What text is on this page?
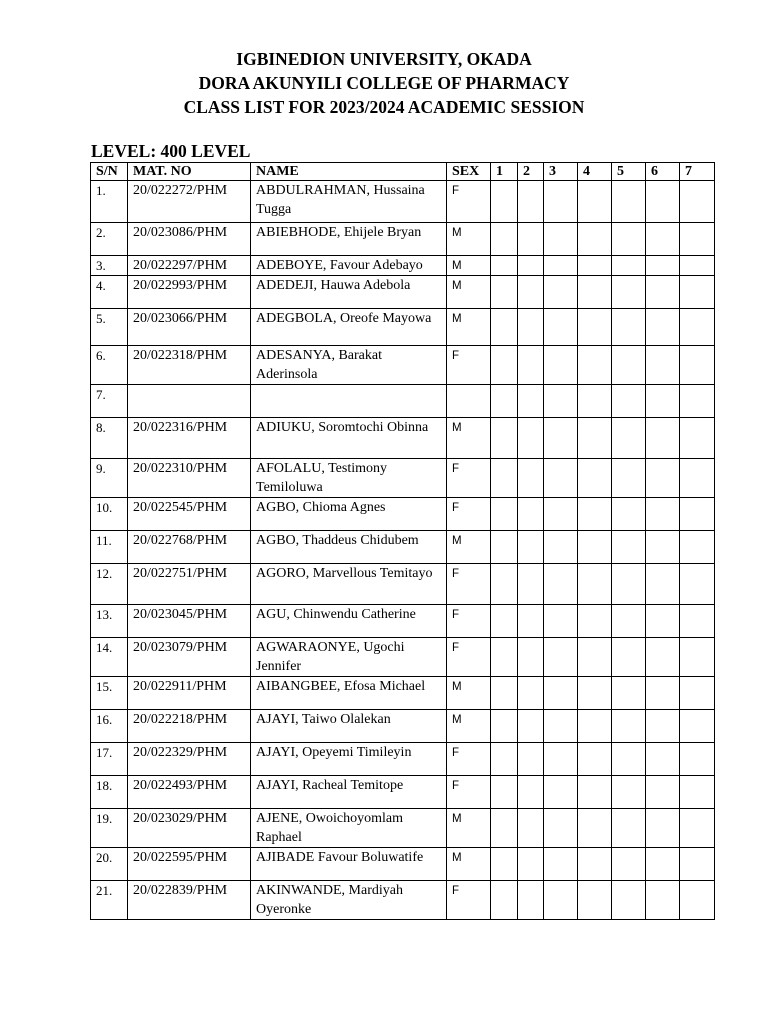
IGBINEDION UNIVERSITY, OKADA
DORA AKUNYILI COLLEGE OF PHARMACY
CLASS LIST FOR 2023/2024 ACADEMIC SESSION
LEVEL: 400 LEVEL
S/N	MAT. NO	NAME	SEX	1	2	3	4	5	6	7
1.	20/022272/PHM	ABDULRAHMAN, Hussaina Tugga	F							
2.	20/023086/PHM	ABIEBHODE, Ehijele Bryan	M							
3.	20/022297/PHM	ADEBOYE, Favour Adebayo	M							
4.	20/022993/PHM	ADEDEJI, Hauwa Adebola	M							
5.	20/023066/PHM	ADEGBOLA, Oreofe Mayowa	M							
6.	20/022318/PHM	ADESANYA, Barakat Aderinsola	F							
7.										
8.	20/022316/PHM	ADIUKU, Soromtochi Obinna	M							
9.	20/022310/PHM	AFOLALU, Testimony Temiloluwa	F							
10.	20/022545/PHM	AGBO, Chioma Agnes	F							
11.	20/022768/PHM	AGBO, Thaddeus Chidubem	M							
12.	20/022751/PHM	AGORO, Marvellous Temitayo	F							
13.	20/023045/PHM	AGU, Chinwendu Catherine	F							
14.	20/023079/PHM	AGWARAONYE, Ugochi Jennifer	F							
15.	20/022911/PHM	AIBANGBEE, Efosa Michael	M							
16.	20/022218/PHM	AJAYI, Taiwo Olalekan	M							
17.	20/022329/PHM	AJAYI, Opeyemi Timileyin	F							
18.	20/022493/PHM	AJAYI, Racheal Temitope	F							
19.	20/023029/PHM	AJENE, Owoichoyomlam Raphael	M							
20.	20/022595/PHM	AJIBADE Favour Boluwatife	M							
21.	20/022839/PHM	AKINWANDE, Mardiyah Oyeronke	F							
